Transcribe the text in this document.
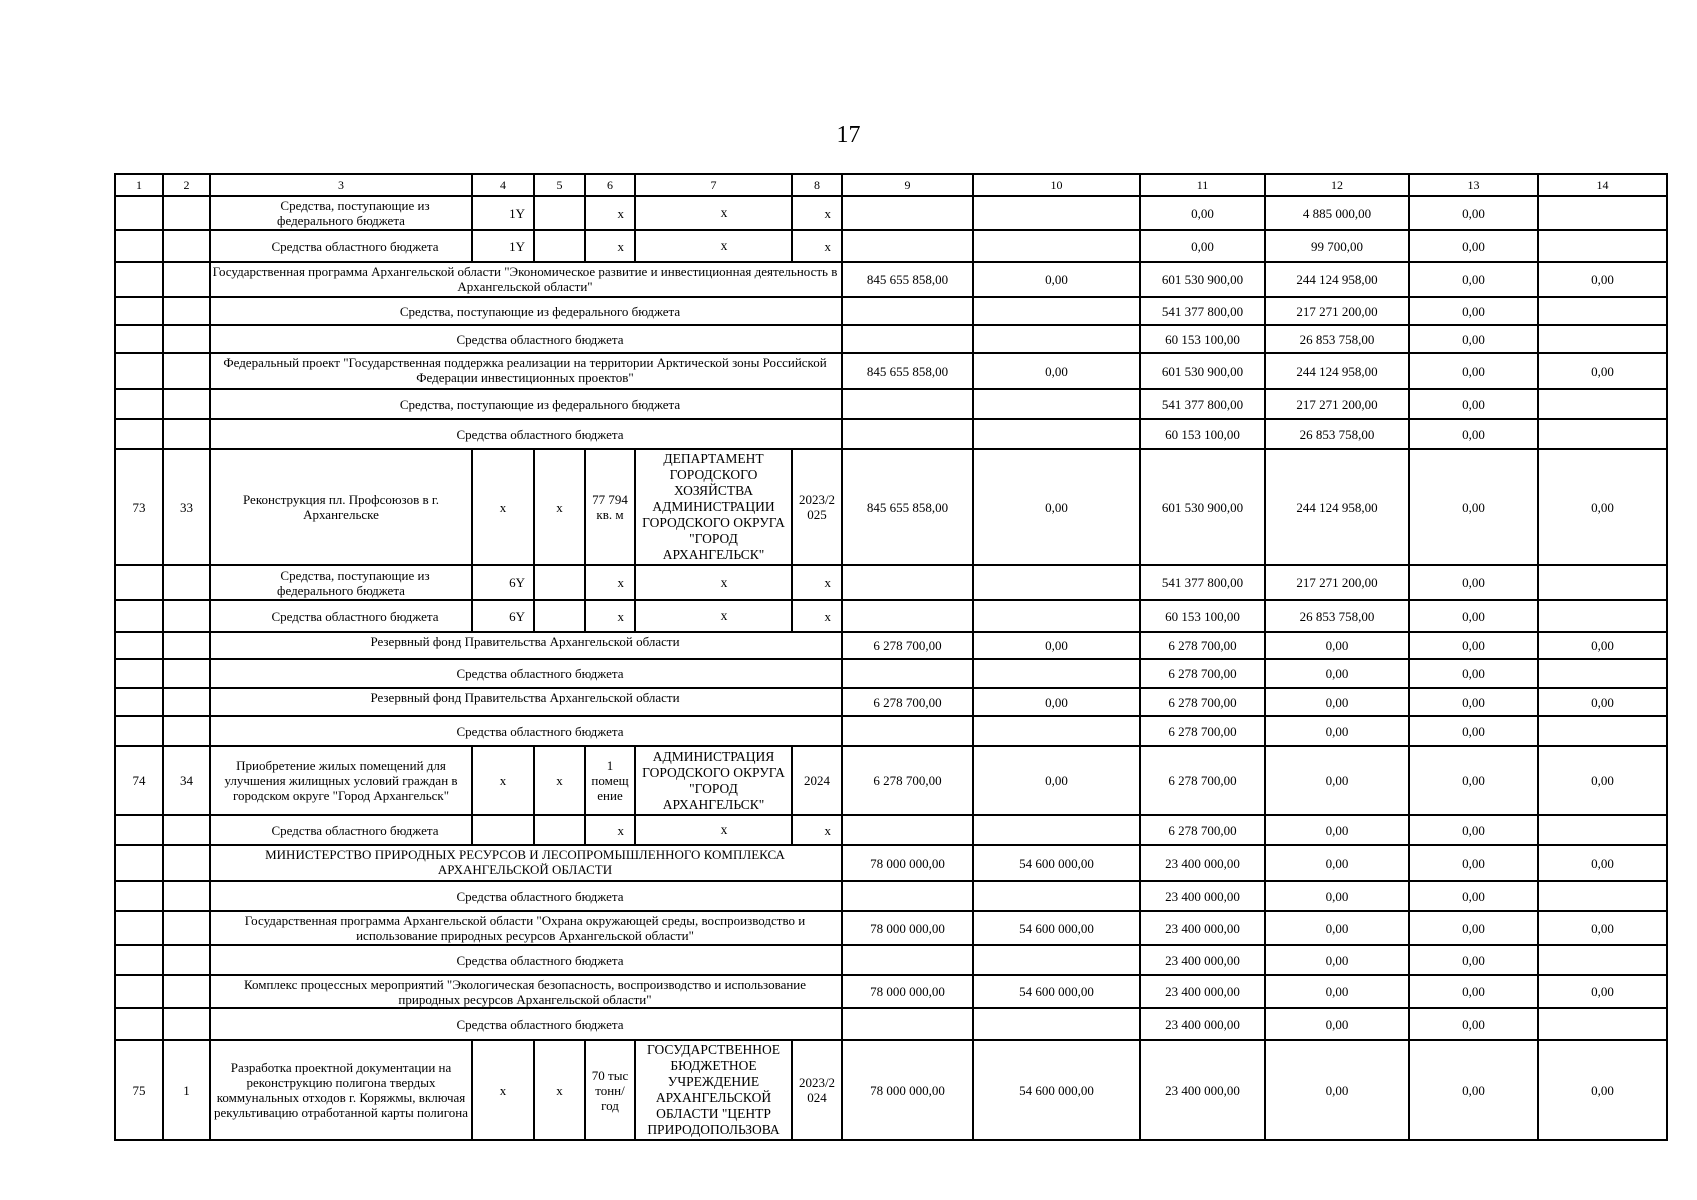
17
1	2	3	4	5	6	7	8	9	10	11	12	13	14
		Средства, поступающие из федерального бюджета	1Y		x	x	x			0,00	4 885 000,00	0,00	
		Средства областного бюджета	1Y		x	x	x			0,00	99 700,00	0,00	
		Государственная программа Архангельской области "Экономическое развитие и инвестиционная деятельность в Архангельской области"						845 655 858,00	0,00	601 530 900,00	244 124 958,00	0,00	0,00
		Средства, поступающие из федерального бюджета								541 377 800,00	217 271 200,00	0,00	
		Средства областного бюджета								60 153 100,00	26 853 758,00	0,00	
		Федеральный проект "Государственная поддержка реализации на территории Арктической зоны Российской Федерации инвестиционных проектов"						845 655 858,00	0,00	601 530 900,00	244 124 958,00	0,00	0,00
		Средства, поступающие из федерального бюджета								541 377 800,00	217 271 200,00	0,00	
		Средства областного бюджета								60 153 100,00	26 853 758,00	0,00	
73	33	Реконструкция пл. Профсоюзов в г. Архангельске	x	x	77 794 кв. м	ДЕПАРТАМЕНТ ГОРОДСКОГО ХОЗЯЙСТВА АДМИНИСТРАЦИИ ГОРОДСКОГО ОКРУГА "ГОРОД АРХАНГЕЛЬСК"	2023/2025	845 655 858,00	0,00	601 530 900,00	244 124 958,00	0,00	0,00
		Средства, поступающие из федерального бюджета	6Y		x	x	x			541 377 800,00	217 271 200,00	0,00	
		Средства областного бюджета	6Y		x	x	x			60 153 100,00	26 853 758,00	0,00	
		Резервный фонд Правительства Архангельской области						6 278 700,00	0,00	6 278 700,00	0,00	0,00	0,00
		Средства областного бюджета								6 278 700,00	0,00	0,00	
		Резервный фонд Правительства Архангельской области						6 278 700,00	0,00	6 278 700,00	0,00	0,00	0,00
		Средства областного бюджета								6 278 700,00	0,00	0,00	
74	34	Приобретение жилых помещений для улучшения жилищных условий граждан в городском округе "Город Архангельск"	x	x	1 помещение	АДМИНИСТРАЦИЯ ГОРОДСКОГО ОКРУГА "ГОРОД АРХАНГЕЛЬСК"	2024	6 278 700,00	0,00	6 278 700,00	0,00	0,00	0,00
		Средства областного бюджета			x	x	x			6 278 700,00	0,00	0,00	
		МИНИСТЕРСТВО ПРИРОДНЫХ РЕСУРСОВ И ЛЕСОПРОМЫШЛЕННОГО КОМПЛЕКСА АРХАНГЕЛЬСКОЙ ОБЛАСТИ						78 000 000,00	54 600 000,00	23 400 000,00	0,00	0,00	0,00
		Средства областного бюджета								23 400 000,00	0,00	0,00	
		Государственная программа Архангельской области "Охрана окружающей среды, воспроизводство и использование природных ресурсов Архангельской области"						78 000 000,00	54 600 000,00	23 400 000,00	0,00	0,00	0,00
		Средства областного бюджета								23 400 000,00	0,00	0,00	
		Комплекс процессных мероприятий "Экологическая безопасность, воспроизводство и использование природных ресурсов Архангельской области"						78 000 000,00	54 600 000,00	23 400 000,00	0,00	0,00	0,00
		Средства областного бюджета								23 400 000,00	0,00	0,00	
75	1	Разработка проектной документации на реконструкцию полигона твердых коммунальных отходов г. Коряжмы, включая рекультивацию отработанной карты полигона	x	x	70 тыс тонн/год	ГОСУДАРСТВЕННОЕ БЮДЖЕТНОЕ УЧРЕЖДЕНИЕ АРХАНГЕЛЬСКОЙ ОБЛАСТИ "ЦЕНТР ПРИРОДОПОЛЬЗОВА	2023/2024	78 000 000,00	54 600 000,00	23 400 000,00	0,00	0,00	0,00
